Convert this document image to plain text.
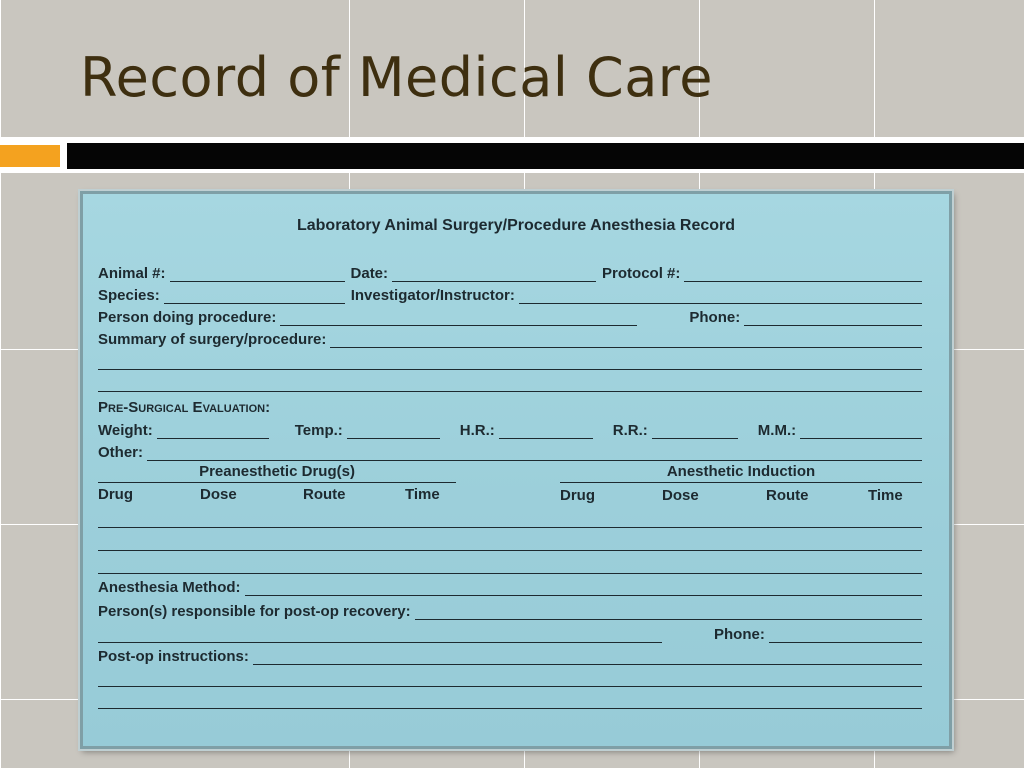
Record of Medical Care
Laboratory Animal Surgery/Procedure Anesthesia Record
Animal #:	Date:	Protocol #:
Species:	Investigator/Instructor:
Person doing procedure:	Phone:
Summary of surgery/procedure:
Pre-Surgical Evaluation:
Weight:	Temp.:	H.R.:	R.R.:	M.M.:
Other:
Preanesthetic Drug(s)	Anesthetic Induction
Drug	Dose	Route	Time	Drug	Dose	Route	Time
Anesthesia Method:
Person(s) responsible for post-op recovery:
Phone:
Post-op instructions:
